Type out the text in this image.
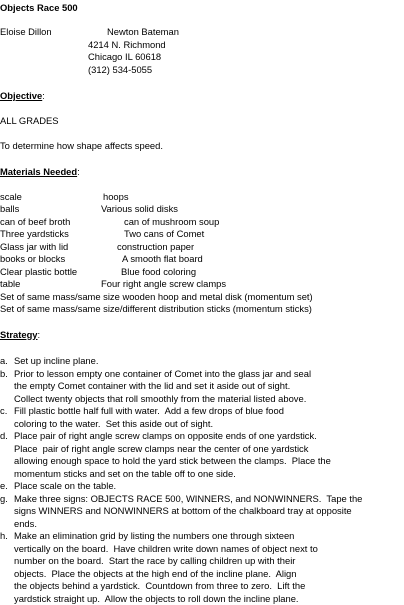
Objects Race 500
Eloise Dillon	Newton Bateman
4214 N. Richmond
Chicago IL 60618
(312) 534-5055
Objective:
ALL GRADES
To determine how shape affects speed.
Materials Needed:
scale	hoops
balls	Various solid disks
can of beef broth	can of mushroom soup
Three yardsticks	Two cans of Comet
Glass jar with lid	construction paper
books or blocks	A smooth flat board
Clear plastic bottle	Blue food coloring
table	Four right angle screw clamps
Set of same mass/same size wooden hoop and metal disk (momentum set)
Set of same mass/same size/different distribution sticks (momentum sticks)
Strategy:
a. Set up incline plane.
b. Prior to lesson empty one container of Comet into the glass jar and seal
the empty Comet container with the lid and set it aside out of sight.
Collect twenty objects that roll smoothly from the material listed above.
c. Fill plastic bottle half full with water.  Add a few drops of blue food
coloring to the water.  Set this aside out of sight.
d. Place pair of right angle screw clamps on opposite ends of one yardstick.
Place  pair of right angle screw clamps near the center of one yardstick
allowing enough space to hold the yard stick between the clamps.  Place the
momentum sticks and set on the table off to one side.
e. Place scale on the table.
g. Make three signs: OBJECTS RACE 500, WINNERS, and NONWINNERS.  Tape the
signs WINNERS and NONWINNERS at bottom of the chalkboard tray at opposite
ends.
h. Make an elimination grid by listing the numbers one through sixteen
vertically on the board.  Have children write down names of object next to
number on the board.  Start the race by calling children up with their
objects.  Place the objects at the high end of the incline plane.  Align
the objects behind a yardstick.  Countdown from three to zero.  Lift the
yardstick straight up.  Allow the objects to roll down the incline plane.
